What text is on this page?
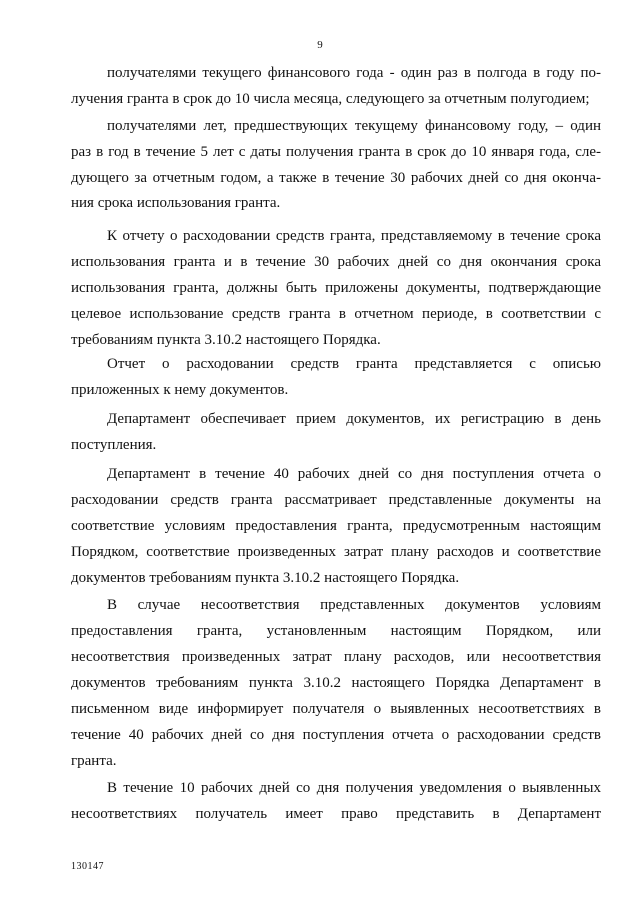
9
получателями текущего финансового года - один раз в полгода в году по-
лучения гранта в срок до 10 числа месяца, следующего за отчетным полугодием;
получателями лет, предшествующих текущему финансовому году, – один
раз в год в течение 5 лет с даты получения гранта в срок до 10 января года, сле-
дующего за отчетным годом, а также в течение 30 рабочих дней со дня оконча-
ния срока использования гранта.
К отчету о расходовании средств гранта, представляемому в течение срока
использования гранта и в течение 30 рабочих дней со дня окончания срока
использования гранта, должны быть приложены документы, подтверждающие
целевое использование средств гранта в отчетном периоде, в соответствии с
требованиям пункта 3.10.2 настоящего Порядка.
Отчет о расходовании средств гранта представляется с описью
приложенных к нему документов.
Департамент обеспечивает прием документов, их регистрацию в день
поступления.
Департамент в течение 40 рабочих дней со дня поступления отчета о
расходовании средств гранта рассматривает представленные документы на
соответствие условиям предоставления гранта, предусмотренным настоящим
Порядком, соответствие произведенных затрат плану расходов и соответствие
документов требованиям пункта 3.10.2 настоящего Порядка.
В случае несоответствия представленных документов условиям
предоставления гранта, установленным настоящим Порядком, или
несоответствия произведенных затрат плану расходов, или несоответствия
документов требованиям пункта 3.10.2 настоящего Порядка Департамент в
письменном виде информирует получателя о выявленных несоответствиях в
течение 40 рабочих дней со дня поступления отчета о расходовании средств
гранта.
В течение 10 рабочих дней со дня получения уведомления о выявленных
несоответствиях получатель имеет право представить в Департамент
130147
